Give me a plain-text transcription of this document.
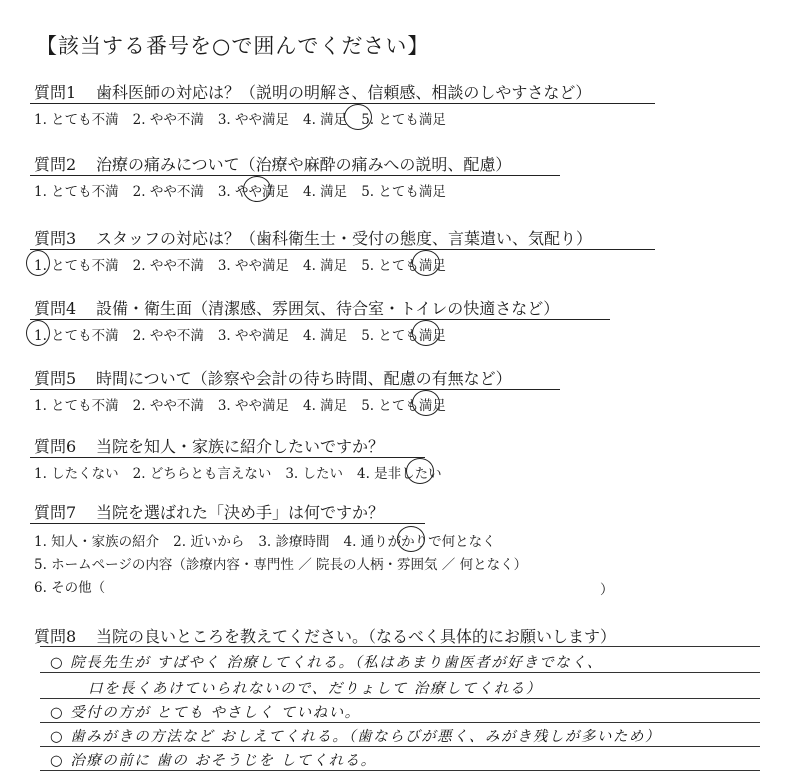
【該当する番号を○で囲んでください】
質問1 歯科医師の対応は？（説明の明解さ、信頼感、相談のしやすさなど）
1. とても不満 2. やや不満 3. やや満足 4. 満足 5. とても満足
質問2 治療の痛みについて（治療や麻酔の痛みへの説明、配慮）
1. とても不満 2. やや不満 3. やや満足 4. 満足 5. とても満足
質問3 スタッフの対応は？（歯科衛生士・受付の態度、言葉遣い、気配り）
1. とても不満 2. やや不満 3. やや満足 4. 満足 5. とても満足
質問4 設備・衛生面（清潔感、雰囲気、待合室・トイレの快適さなど）
1. とても不満 2. やや不満 3. やや満足 4. 満足 5. とても満足
質問5 時間について（診察や会計の待ち時間、配慮の有無など）
1. とても不満 2. やや不満 3. やや満足 4. 満足 5. とても満足
質問6 当院を知人・家族に紹介したいですか？
1. したくない 2. どちらとも言えない 3. したい 4. 是非したい
質問7 当院を選ばれた「決め手」は何ですか？
1. 知人・家族の紹介 2. 近いから 3. 診療時間 4. 通りがかりで何となく
5. ホームページの内容（診療内容・専門性 ／ 院長の人柄・雰囲気 ／ 何となく）
6. その他（	）
質問8 当院の良いところを教えてください。（なるべく具体的にお願いします）
○ 院長先生が すばやく 治療してくれる。（私はあまり歯医者が好きでなく、
口を長くあけていられないので、だりょして 治療してくれる）
○ 受付の方が とても やさしく ていねい。
○ 歯みがきの方法など おしえてくれる。（歯ならびが悪く、みがき残しが多いため）
○ 治療の前に 歯の おそうじを してくれる。
